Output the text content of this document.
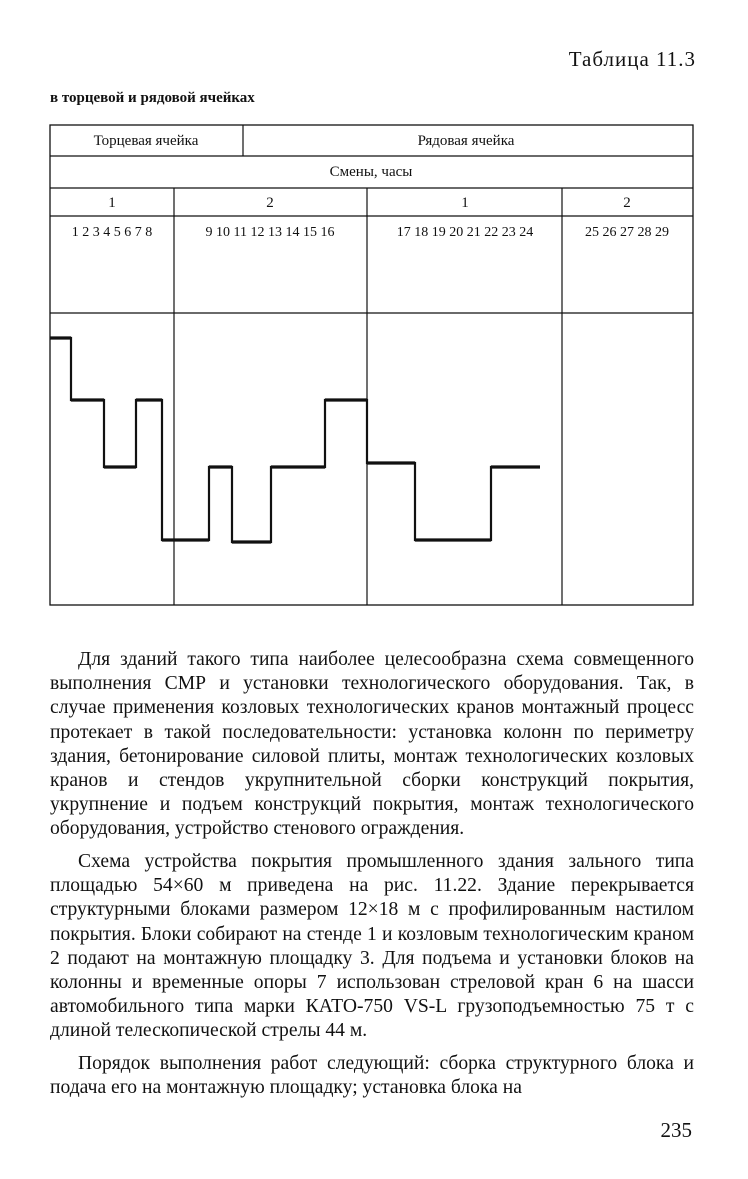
Таблица 11.3
в торцевой и рядовой ячейках
Торцевая ячейка	Рядовая ячейка
Смены, часы
1	2	1	2
1 2 3 4 5 6 7 8	9 10 11 12 13 14 15 16	17 18 19 20 21 22 23 24	25 26 27 28 29

Для зданий такого типа наиболее целесообразна схема совмещенного выполнения СМР и установки технологического оборудования. Так, в случае применения козловых технологических кранов монтажный процесс протекает в такой последовательности: установка колонн по периметру здания, бетонирование силовой плиты, монтаж технологических козловых кранов и стендов укрупнительной сборки конструкций покрытия, укрупнение и подъем конструкций покрытия, монтаж технологического оборудования, устройство стенового ограждения.

Схема устройства покрытия промышленного здания зального типа площадью 54×60 м приведена на рис. 11.22. Здание перекрывается структурными блоками размером 12×18 м с профилированным настилом покрытия. Блоки собирают на стенде 1 и козловым технологическим краном 2 подают на монтажную площадку 3. Для подъема и установки блоков на колонны и временные опоры 7 использован стреловой кран 6 на шасси автомобильного типа марки КАТО-750 VS-L грузоподъемностью 75 т с длиной телескопической стрелы 44 м.

Порядок выполнения работ следующий: сборка структурного блока и подача его на монтажную площадку; установка блока на

235
